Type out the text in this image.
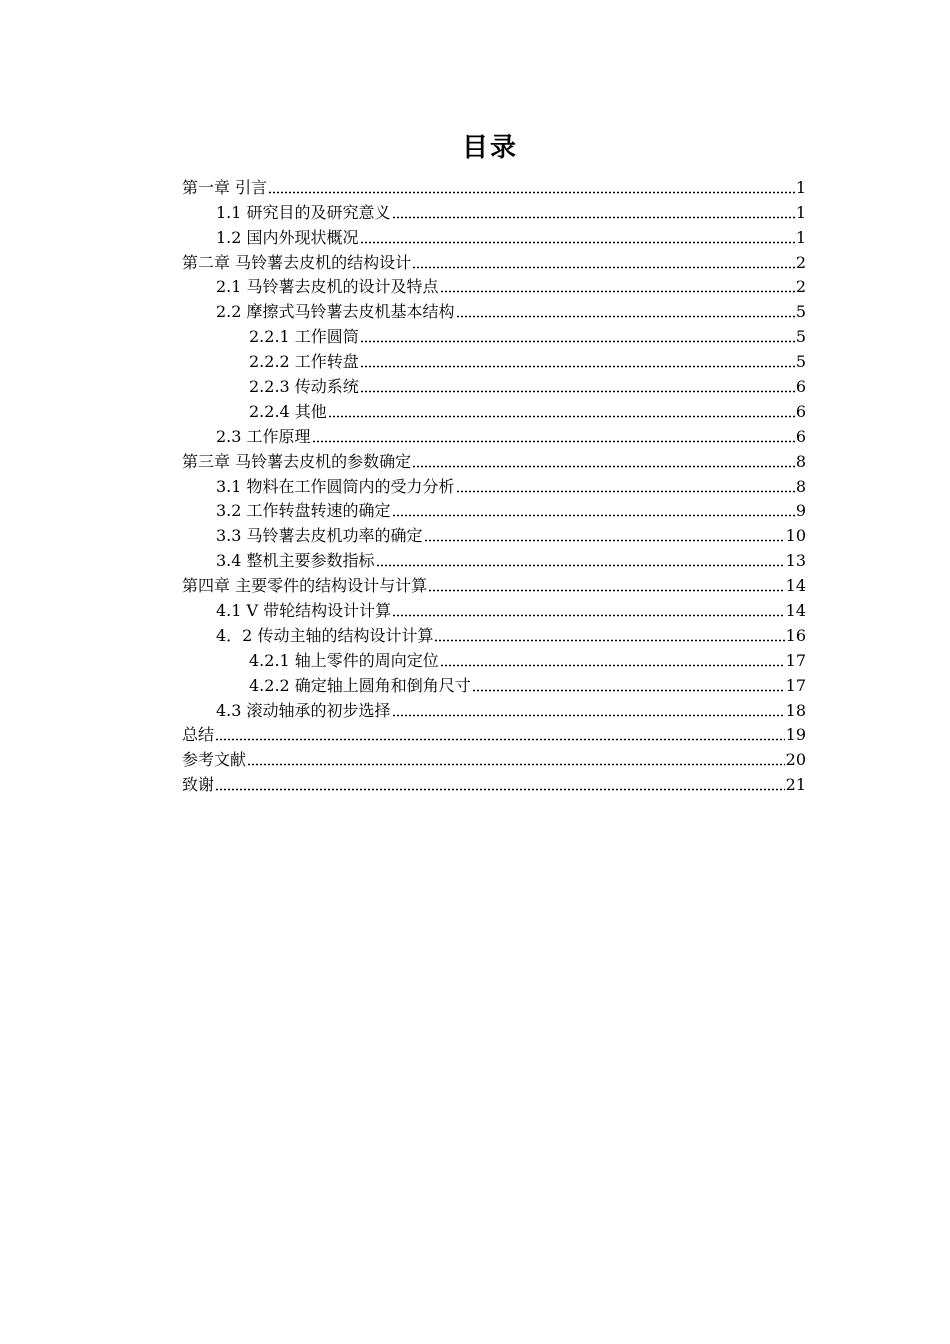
目录
第一章 引言	1
1.1 研究目的及研究意义	1
1.2 国内外现状概况	1
第二章 马铃薯去皮机的结构设计	2
2.1 马铃薯去皮机的设计及特点	2
2.2 摩擦式马铃薯去皮机基本结构	5
2.2.1 工作圆筒	5
2.2.2 工作转盘	5
2.2.3 传动系统	6
2.2.4 其他	6
2.3 工作原理	6
第三章 马铃薯去皮机的参数确定	8
3.1 物料在工作圆筒内的受力分析	8
3.2 工作转盘转速的确定	9
3.3 马铃薯去皮机功率的确定	10
3.4 整机主要参数指标	13
第四章 主要零件的结构设计与计算	14
4.1 V 带轮结构设计计算	14
4．2 传动主轴的结构设计计算	16
4.2.1 轴上零件的周向定位	17
4.2.2 确定轴上圆角和倒角尺寸	17
4.3 滚动轴承的初步选择	18
总结	19
参考文献	20
致谢	21
